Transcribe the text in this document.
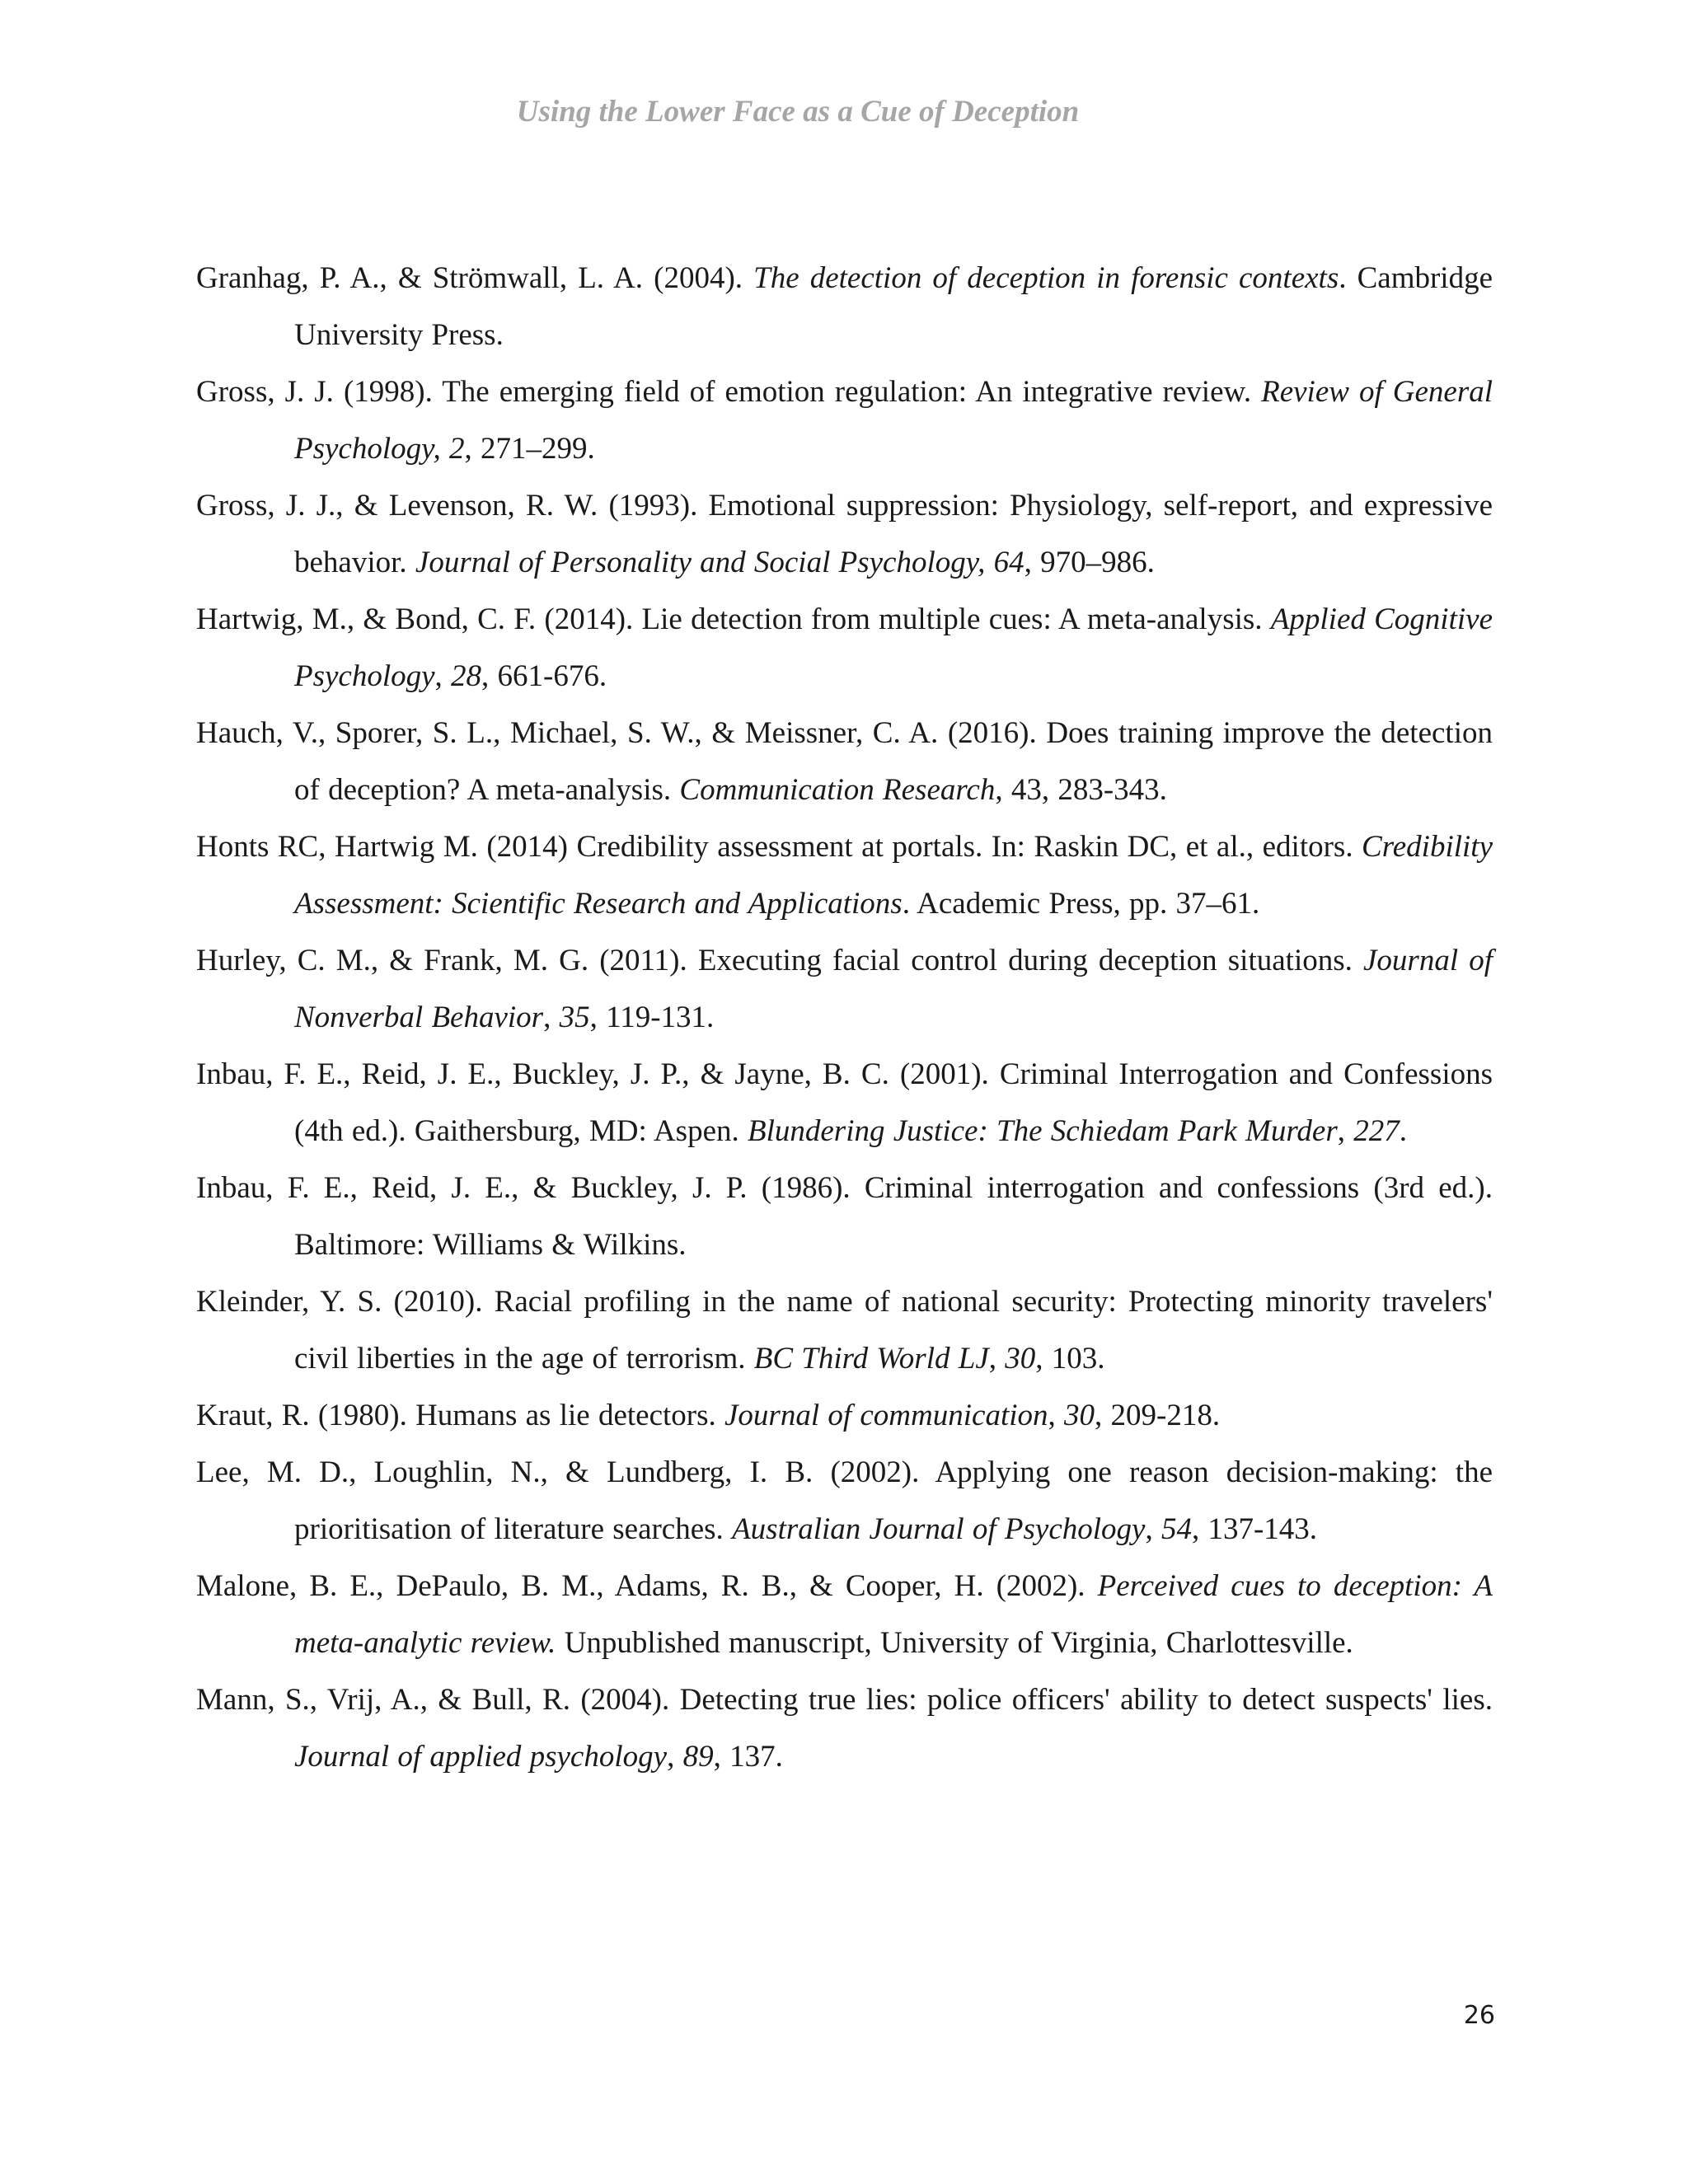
Using the Lower Face as a Cue of Deception

Granhag, P. A., & Strömwall, L. A. (2004). The detection of deception in forensic contexts. Cambridge University Press.

Gross, J. J. (1998). The emerging field of emotion regulation: An integrative review. Review of General Psychology, 2, 271–299.

Gross, J. J., & Levenson, R. W. (1993). Emotional suppression: Physiology, self-report, and expressive behavior. Journal of Personality and Social Psychology, 64, 970–986.

Hartwig, M., & Bond, C. F. (2014). Lie detection from multiple cues: A meta-analysis. Applied Cognitive Psychology, 28, 661-676.

Hauch, V., Sporer, S. L., Michael, S. W., & Meissner, C. A. (2016). Does training improve the detection of deception? A meta-analysis. Communication Research, 43, 283-343.

Honts RC, Hartwig M. (2014) Credibility assessment at portals. In: Raskin DC, et al., editors. Credibility Assessment: Scientific Research and Applications. Academic Press, pp. 37–61.

Hurley, C. M., & Frank, M. G. (2011). Executing facial control during deception situations. Journal of Nonverbal Behavior, 35, 119-131.

Inbau, F. E., Reid, J. E., Buckley, J. P., & Jayne, B. C. (2001). Criminal Interrogation and Confessions (4th ed.). Gaithersburg, MD: Aspen. Blundering Justice: The Schiedam Park Murder, 227.

Inbau, F. E., Reid, J. E., & Buckley, J. P. (1986). Criminal interrogation and confessions (3rd ed.). Baltimore: Williams & Wilkins.

Kleinder, Y. S. (2010). Racial profiling in the name of national security: Protecting minority travelers' civil liberties in the age of terrorism. BC Third World LJ, 30, 103.

Kraut, R. (1980). Humans as lie detectors. Journal of communication, 30, 209-218.

Lee, M. D., Loughlin, N., & Lundberg, I. B. (2002). Applying one reason decision-making: the prioritisation of literature searches. Australian Journal of Psychology, 54, 137-143.

Malone, B. E., DePaulo, B. M., Adams, R. B., & Cooper, H. (2002). Perceived cues to deception: A meta-analytic review. Unpublished manuscript, University of Virginia, Charlottesville.

Mann, S., Vrij, A., & Bull, R. (2004). Detecting true lies: police officers' ability to detect suspects' lies. Journal of applied psychology, 89, 137.

26
